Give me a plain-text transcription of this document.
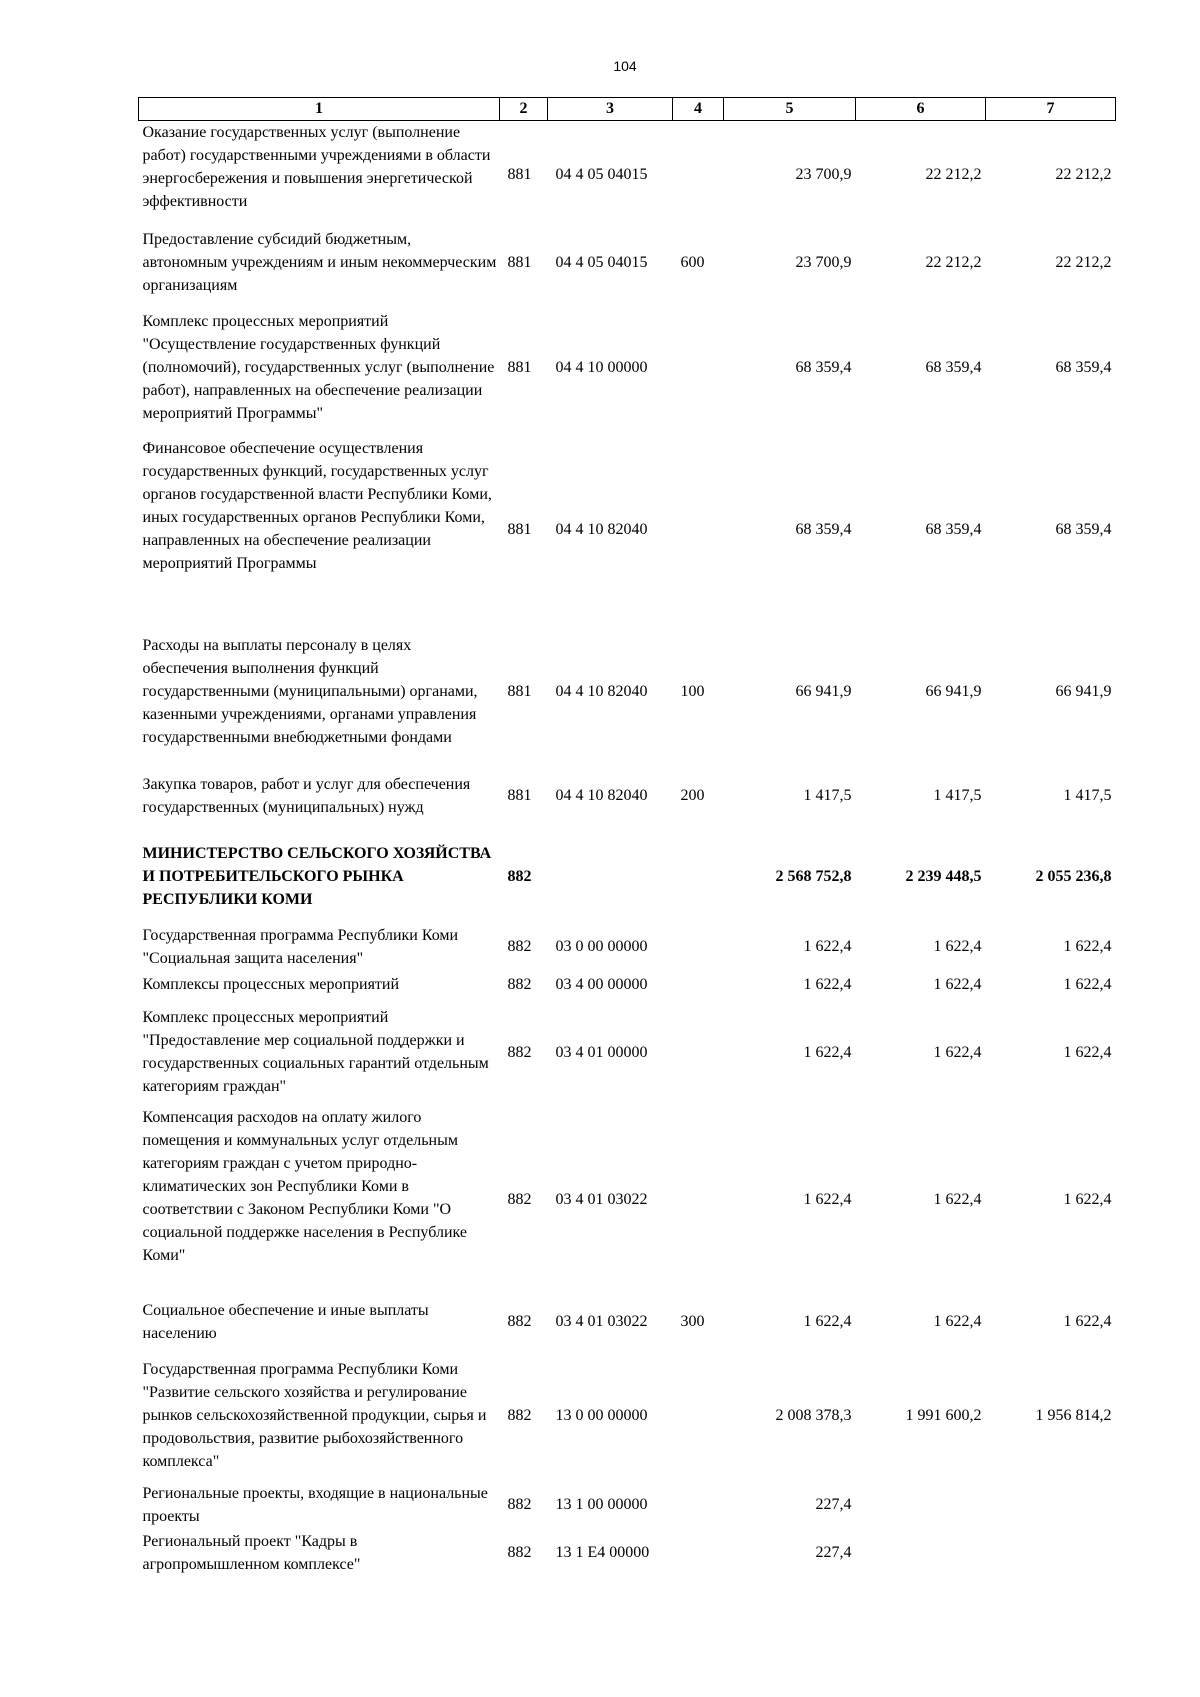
104
1	2	3	4	5	6	7
Оказание государственных услуг (выполнение работ) государственными учреждениями в области энергосбережения и повышения энергетической эффективности	881	04 4 05 04015		23 700,9	22 212,2	22 212,2
Предоставление субсидий бюджетным, автономным учреждениям и иным некоммерческим организациям	881	04 4 05 04015	600	23 700,9	22 212,2	22 212,2
Комплекс процессных мероприятий "Осуществление государственных функций (полномочий), государственных услуг (выполнение работ), направленных на обеспечение реализации мероприятий Программы"	881	04 4 10 00000		68 359,4	68 359,4	68 359,4
Финансовое обеспечение осуществления государственных функций, государственных услуг органов государственной власти Республики Коми, иных государственных органов Республики Коми, направленных на обеспечение реализации мероприятий Программы	881	04 4 10 82040		68 359,4	68 359,4	68 359,4
Расходы на выплаты персоналу в целях обеспечения выполнения функций государственными (муниципальными) органами, казенными учреждениями, органами управления государственными внебюджетными фондами	881	04 4 10 82040	100	66 941,9	66 941,9	66 941,9
Закупка товаров, работ и услуг для обеспечения государственных (муниципальных) нужд	881	04 4 10 82040	200	1 417,5	1 417,5	1 417,5
МИНИСТЕРСТВО СЕЛЬСКОГО ХОЗЯЙСТВА И ПОТРЕБИТЕЛЬСКОГО РЫНКА РЕСПУБЛИКИ КОМИ	882			2 568 752,8	2 239 448,5	2 055 236,8
Государственная программа Республики Коми "Социальная защита населения"	882	03 0 00 00000		1 622,4	1 622,4	1 622,4
Комплексы процессных мероприятий	882	03 4 00 00000		1 622,4	1 622,4	1 622,4
Комплекс процессных мероприятий "Предоставление мер социальной поддержки и государственных социальных гарантий отдельным категориям граждан"	882	03 4 01 00000		1 622,4	1 622,4	1 622,4
Компенсация расходов на оплату жилого помещения и коммунальных услуг отдельным категориям граждан с учетом природно-климатических зон Республики Коми в соответствии с Законом Республики Коми "О социальной поддержке населения в Республике Коми"	882	03 4 01 03022		1 622,4	1 622,4	1 622,4
Социальное обеспечение и иные выплаты населению	882	03 4 01 03022	300	1 622,4	1 622,4	1 622,4
Государственная программа Республики Коми "Развитие сельского хозяйства и регулирование рынков сельскохозяйственной продукции, сырья и продовольствия, развитие рыбохозяйственного комплекса"	882	13 0 00 00000		2 008 378,3	1 991 600,2	1 956 814,2
Региональные проекты, входящие в национальные проекты	882	13 1 00 00000		227,4		
Региональный проект "Кадры в агропромышленном комплексе"	882	13 1 Е4 00000		227,4		
